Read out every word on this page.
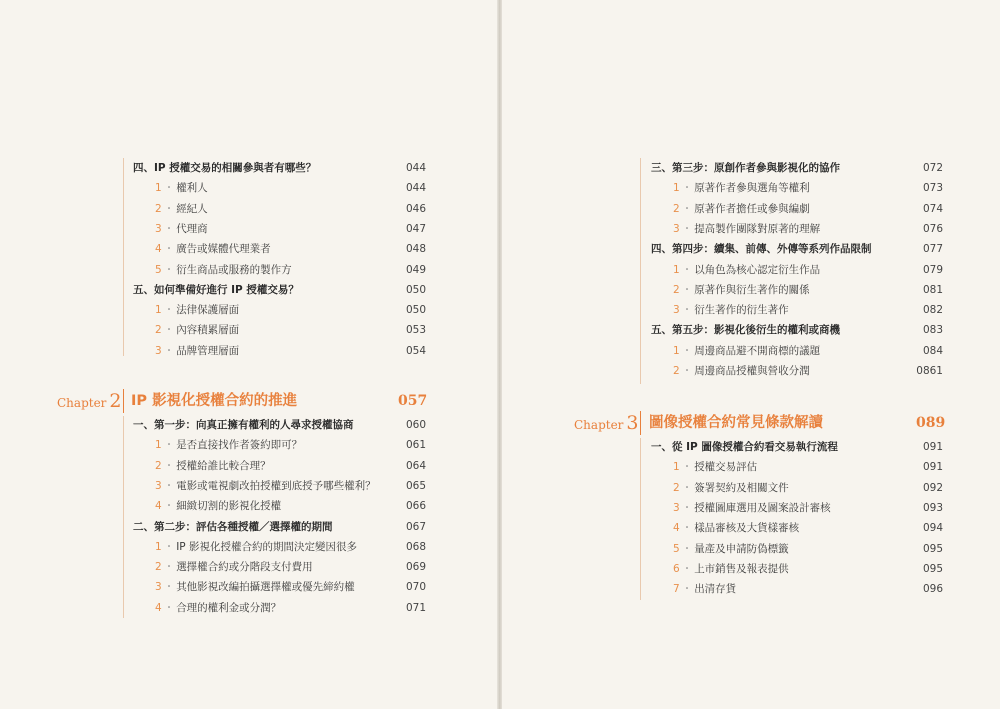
四、IP 授權交易的相關參與者有哪些？	044
1 ・ 權利人	044
2 ・ 經紀人	046
3 ・ 代理商	047
4 ・ 廣告或媒體代理業者	048
5 ・ 衍生商品或服務的製作方	049
五、如何準備好進行 IP 授權交易？	050
1 ・ 法律保護層面	050
2 ・ 內容積累層面	053
3 ・ 品牌管理層面	054
Chapter 2 IP 影視化授權合約的推進	057
一、第一步：向真正擁有權利的人尋求授權協商	060
1 ・ 是否直接找作者簽約即可？	061
2 ・ 授權給誰比較合理？	064
3 ・ 電影或電視劇改拍授權到底授予哪些權利？	065
4 ・ 細緻切割的影視化授權	066
二、第二步：評估各種授權／選擇權的期間	067
1 ・ IP 影視化授權合約的期間決定變因很多	068
2 ・ 選擇權合約或分階段支付費用	069
3 ・ 其他影視改編拍攝選擇權或優先締約權	070
4 ・ 合理的權利金或分潤？	071
三、第三步：原創作者參與影視化的協作	072
1 ・ 原著作者參與選角等權利	073
2 ・ 原著作者擔任或參與編劇	074
3 ・ 提高製作團隊對原著的理解	076
四、第四步：續集、前傳、外傳等系列作品限制	077
1 ・ 以角色為核心認定衍生作品	079
2 ・ 原著作與衍生著作的關係	081
3 ・ 衍生著作的衍生著作	082
五、第五步：影視化後衍生的權利或商機	083
1 ・ 周邊商品避不開商標的議題	084
2 ・ 周邊商品授權與營收分潤	0861
Chapter 3 圖像授權合約常見條款解讀	089
一、從 IP 圖像授權合約看交易執行流程	091
1 ・ 授權交易評估	091
2 ・ 簽署契約及相關文件	092
3 ・ 授權圖庫選用及圖案設計審核	093
4 ・ 樣品審核及大貨樣審核	094
5 ・ 量產及申請防偽標籤	095
6 ・ 上市銷售及報表提供	095
7 ・ 出清存貨	096
